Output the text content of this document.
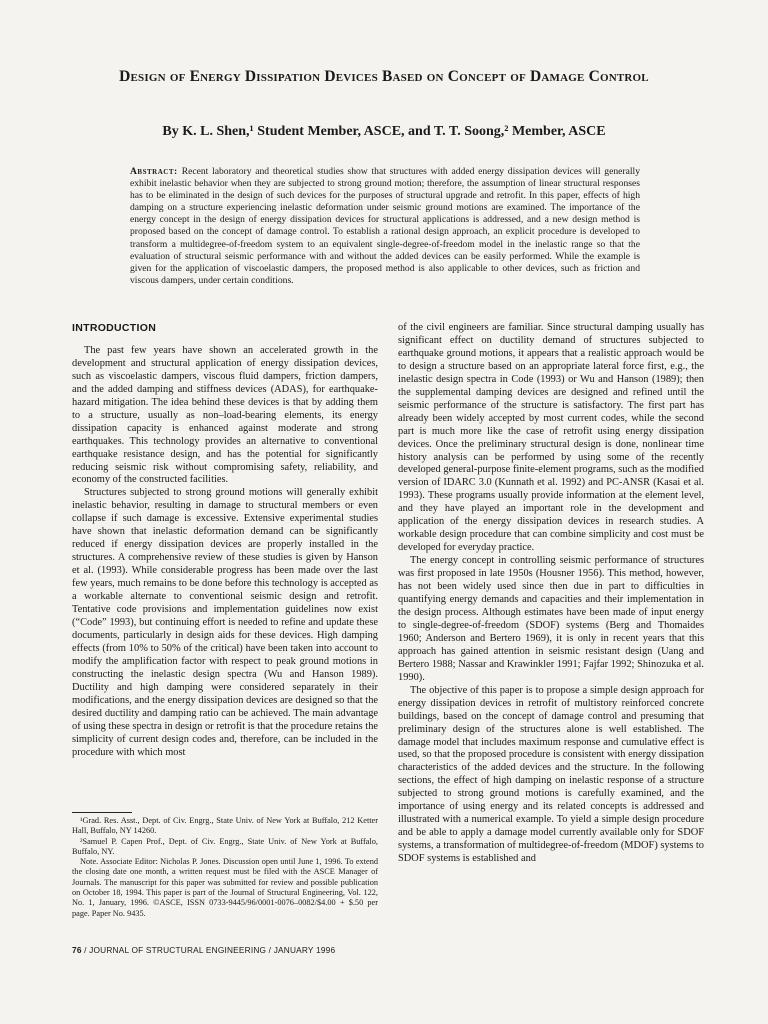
Design of Energy Dissipation Devices Based on Concept of Damage Control
By K. L. Shen,¹ Student Member, ASCE, and T. T. Soong,² Member, ASCE
Abstract: Recent laboratory and theoretical studies show that structures with added energy dissipation devices will generally exhibit inelastic behavior when they are subjected to strong ground motion; therefore, the assumption of linear structural responses has to be eliminated in the design of such devices for the purposes of structural upgrade and retrofit. In this paper, effects of high damping on a structure experiencing inelastic deformation under seismic ground motions are examined. The importance of the energy concept in the design of energy dissipation devices for structural applications is addressed, and a new design method is proposed based on the concept of damage control. To establish a rational design approach, an explicit procedure is developed to transform a multidegree-of-freedom system to an equivalent single-degree-of-freedom model in the inelastic range so that the evaluation of structural seismic performance with and without the added devices can be easily performed. While the example is given for the application of viscoelastic dampers, the proposed method is also applicable to other devices, such as friction and viscous dampers, under certain conditions.
INTRODUCTION

The past few years have shown an accelerated growth in the development and structural application of energy dissipation devices, such as viscoelastic dampers, viscous fluid dampers, friction dampers, and the added damping and stiffness devices (ADAS), for earthquake-hazard mitigation. The idea behind these devices is that by adding them to a structure, usually as non–load-bearing elements, its energy dissipation capacity is enhanced against moderate and strong earthquakes. This technology provides an alternative to conventional earthquake resistance design, and has the potential for significantly reducing seismic risk without compromising safety, reliability, and economy of the constructed facilities.

Structures subjected to strong ground motions will generally exhibit inelastic behavior, resulting in damage to structural members or even collapse if such damage is excessive. Extensive experimental studies have shown that inelastic deformation demand can be significantly reduced if energy dissipation devices are properly installed in the structures. A comprehensive review of these studies is given by Hanson et al. (1993). While considerable progress has been made over the last few years, much remains to be done before this technology is accepted as a workable alternate to conventional seismic design and retrofit. Tentative code provisions and implementation guidelines now exist (“Code” 1993), but continuing effort is needed to refine and update these documents, particularly in design aids for these devices. High damping effects (from 10% to 50% of the critical) have been taken into account to modify the amplification factor with respect to peak ground motions in constructing the inelastic design spectra (Wu and Hanson 1989). Ductility and high damping were considered separately in their modifications, and the energy dissipation devices are designed so that the desired ductility and damping ratio can be achieved. The main advantage of using these spectra in design or retrofit is that the procedure retains the simplicity of current design codes and, therefore, can be included in the procedure with which most

of the civil engineers are familiar. Since structural damping usually has significant effect on ductility demand of structures subjected to earthquake ground motions, it appears that a realistic approach would be to design a structure based on an appropriate lateral force first, e.g., the inelastic design spectra in Code (1993) or Wu and Hanson (1989); then the supplemental damping devices are designed and refined until the seismic performance of the structure is satisfactory. The first part has already been widely accepted by most current codes, while the second part is much more like the case of retrofit using energy dissipation devices. Once the preliminary structural design is done, nonlinear time history analysis can be performed by using some of the recently developed general-purpose finite-element programs, such as the modified version of IDARC 3.0 (Kunnath et al. 1992) and PC-ANSR (Kasai et al. 1993). These programs usually provide information at the element level, and they have played an important role in the development and application of the energy dissipation devices in research studies. A workable design procedure that can combine simplicity and cost must be developed for everyday practice.

The energy concept in controlling seismic performance of structures was first proposed in late 1950s (Housner 1956). This method, however, has not been widely used since then due in part to difficulties in quantifying energy demands and capacities and their implementation in the design process. Although estimates have been made of input energy to single-degree-of-freedom (SDOF) systems (Berg and Thomaides 1960; Anderson and Bertero 1969), it is only in recent years that this approach has gained attention in seismic resistant design (Uang and Bertero 1988; Nassar and Krawinkler 1991; Fajfar 1992; Shinozuka et al. 1990).

The objective of this paper is to propose a simple design approach for energy dissipation devices in retrofit of multistory reinforced concrete buildings, based on the concept of damage control and presuming that preliminary design of the structures alone is well established. The damage model that includes maximum response and cumulative effect is used, so that the proposed procedure is consistent with energy dissipation characteristics of the added devices and the structure. In the following sections, the effect of high damping on inelastic response of a structure subjected to strong ground motions is carefully examined, and the importance of using energy and its related concepts is addressed and illustrated with a numerical example. To yield a simple design procedure and be able to apply a damage model currently available only for SDOF systems, a transformation of multidegree-of-freedom (MDOF) systems to SDOF systems is established and

¹Grad. Res. Asst., Dept. of Civ. Engrg., State Univ. of New York at Buffalo, 212 Ketter Hall, Buffalo, NY 14260.

²Samuel P. Capen Prof., Dept. of Civ. Engrg., State Univ. of New York at Buffalo, Buffalo, NY.

Note. Associate Editor: Nicholas P. Jones. Discussion open until June 1, 1996. To extend the closing date one month, a written request must be filed with the ASCE Manager of Journals. The manuscript for this paper was submitted for review and possible publication on October 18, 1994. This paper is part of the Journal of Structural Engineering, Vol. 122, No. 1, January, 1996. ©ASCE, ISSN 0733-9445/96/0001-0076–0082/$4.00 + $.50 per page. Paper No. 9435.

76 / JOURNAL OF STRUCTURAL ENGINEERING / JANUARY 1996
